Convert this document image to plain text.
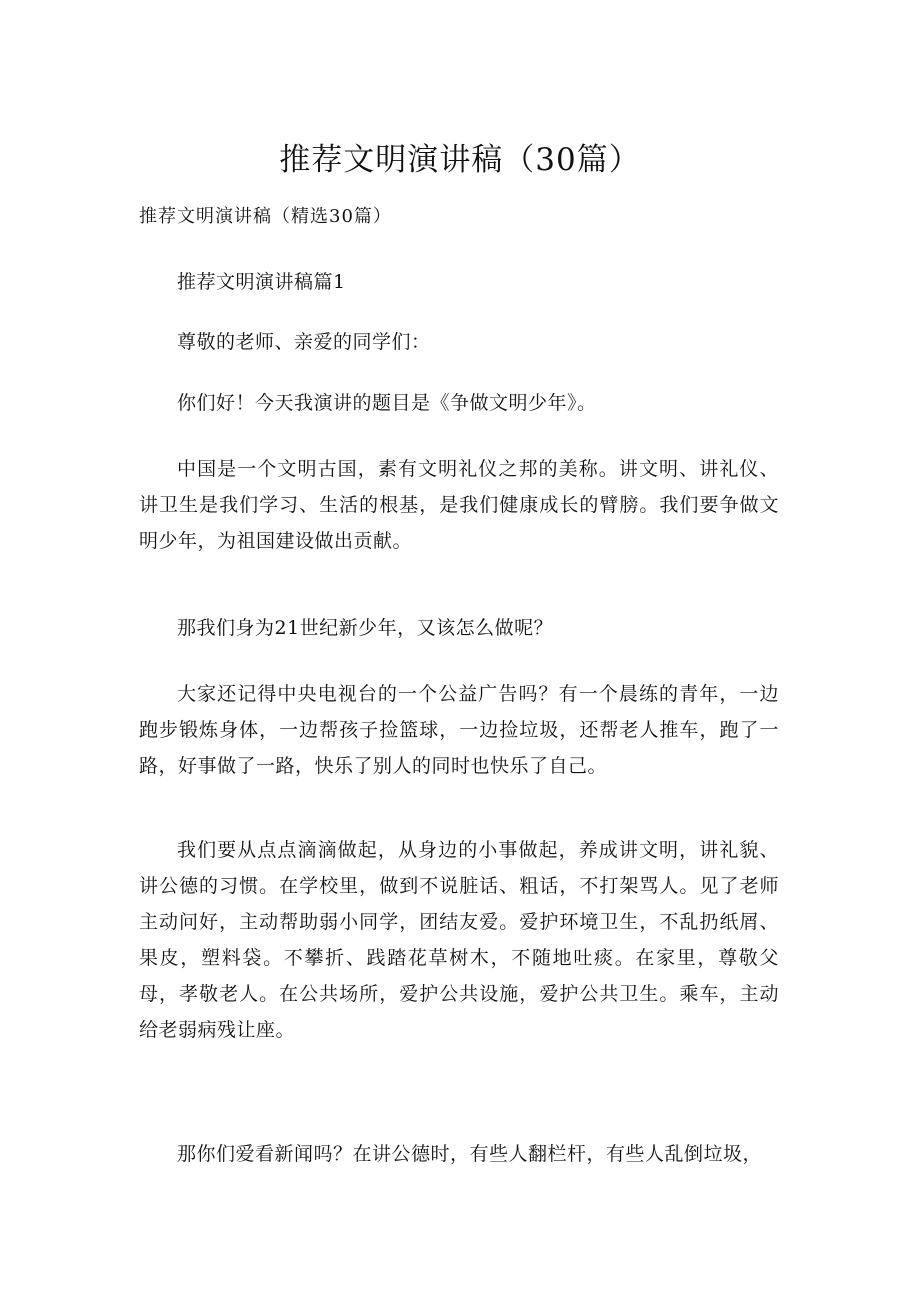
推荐文明演讲稿（30篇）
推荐文明演讲稿（精选30篇）

推荐文明演讲稿篇1

尊敬的老师、亲爱的同学们：

你们好！今天我演讲的题目是《争做文明少年》。

中国是一个文明古国，素有文明礼仪之邦的美称。讲文明、讲礼仪、讲卫生是我们学习、生活的根基，是我们健康成长的臂膀。我们要争做文明少年，为祖国建设做出贡献。

那我们身为21世纪新少年，又该怎么做呢？

大家还记得中央电视台的一个公益广告吗？有一个晨练的青年，一边跑步锻炼身体，一边帮孩子捡篮球，一边捡垃圾，还帮老人推车，跑了一路，好事做了一路，快乐了别人的同时也快乐了自己。

我们要从点点滴滴做起，从身边的小事做起，养成讲文明，讲礼貌、讲公德的习惯。在学校里，做到不说脏话、粗话，不打架骂人。见了老师主动问好，主动帮助弱小同学，团结友爱。爱护环境卫生，不乱扔纸屑、果皮，塑料袋。不攀折、践踏花草树木，不随地吐痰。在家里，尊敬父母，孝敬老人。在公共场所，爱护公共设施，爱护公共卫生。乘车，主动给老弱病残让座。

那你们爱看新闻吗？在讲公德时，有些人翻栏杆，有些人乱倒垃圾，
